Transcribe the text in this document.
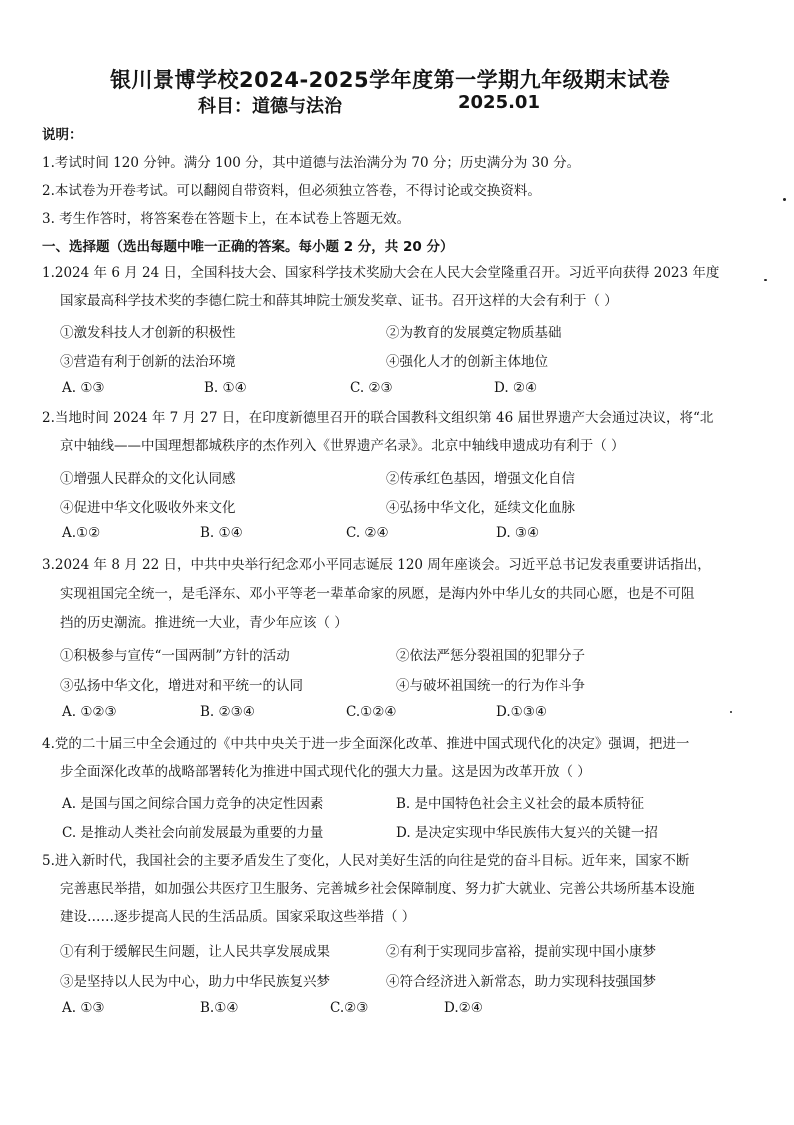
银川景博学校2024-2025学年度第一学期九年级期末试卷
科目：道德与法治	2025.01
说明：
1.考试时间 120 分钟。满分 100 分，其中道德与法治满分为 70 分；历史满分为 30 分。
2.本试卷为开卷考试。可以翻阅自带资料，但必须独立答卷，不得讨论或交换资料。
3. 考生作答时，将答案卷在答题卡上，在本试卷上答题无效。
一、选择题（选出每题中唯一正确的答案。每小题 2 分，共 20 分）
1.2024 年 6 月 24 日，全国科技大会、国家科学技术奖励大会在人民大会堂隆重召开。习近平向获得 2023 年度
国家最高科学技术奖的李德仁院士和薛其坤院士颁发奖章、证书。召开这样的大会有利于（ ）
①激发科技人才创新的积极性	②为教育的发展奠定物质基础
③营造有利于创新的法治环境	④强化人才的创新主体地位
A. ①③	B. ①④	C. ②③	D. ②④
2.当地时间 2024 年 7 月 27 日，在印度新德里召开的联合国教科文组织第 46 届世界遗产大会通过决议，将“北
京中轴线——中国理想都城秩序的杰作列入《世界遗产名录》。北京中轴线申遗成功有利于（ ）
①增强人民群众的文化认同感	②传承红色基因，增强文化自信
④促进中华文化吸收外来文化	④弘扬中华文化，延续文化血脉
A.①②	B. ①④	C. ②④	D. ③④
3.2024 年 8 月 22 日，中共中央举行纪念邓小平同志诞辰 120 周年座谈会。习近平总书记发表重要讲话指出，
实现祖国完全统一，是毛泽东、邓小平等老一辈革命家的夙愿，是海内外中华儿女的共同心愿，也是不可阻
挡的历史潮流。推进统一大业，青少年应该（ ）
①积极参与宣传“一国两制”方针的活动	②依法严惩分裂祖国的犯罪分子
③弘扬中华文化，增进对和平统一的认同	④与破坏祖国统一的行为作斗争
A. ①②③	B. ②③④	C.①②④	D.①③④
4.党的二十届三中全会通过的《中共中央关于进一步全面深化改革、推进中国式现代化的决定》强调，把进一
步全面深化改革的战略部署转化为推进中国式现代化的强大力量。这是因为改革开放（ ）
A. 是国与国之间综合国力竞争的决定性因素	B. 是中国特色社会主义社会的最本质特征
C. 是推动人类社会向前发展最为重要的力量	D. 是决定实现中华民族伟大复兴的关键一招
5.进入新时代，我国社会的主要矛盾发生了变化，人民对美好生活的向往是党的奋斗目标。近年来，国家不断
完善惠民举措，如加强公共医疗卫生服务、完善城乡社会保障制度、努力扩大就业、完善公共场所基本设施
建设……逐步提高人民的生活品质。国家采取这些举措（ ）
①有利于缓解民生问题，让人民共享发展成果	②有利于实现同步富裕，提前实现中国小康梦
③是坚持以人民为中心，助力中华民族复兴梦	④符合经济进入新常态，助力实现科技强国梦
A. ①③	B.①④	C.②③	D.②④
